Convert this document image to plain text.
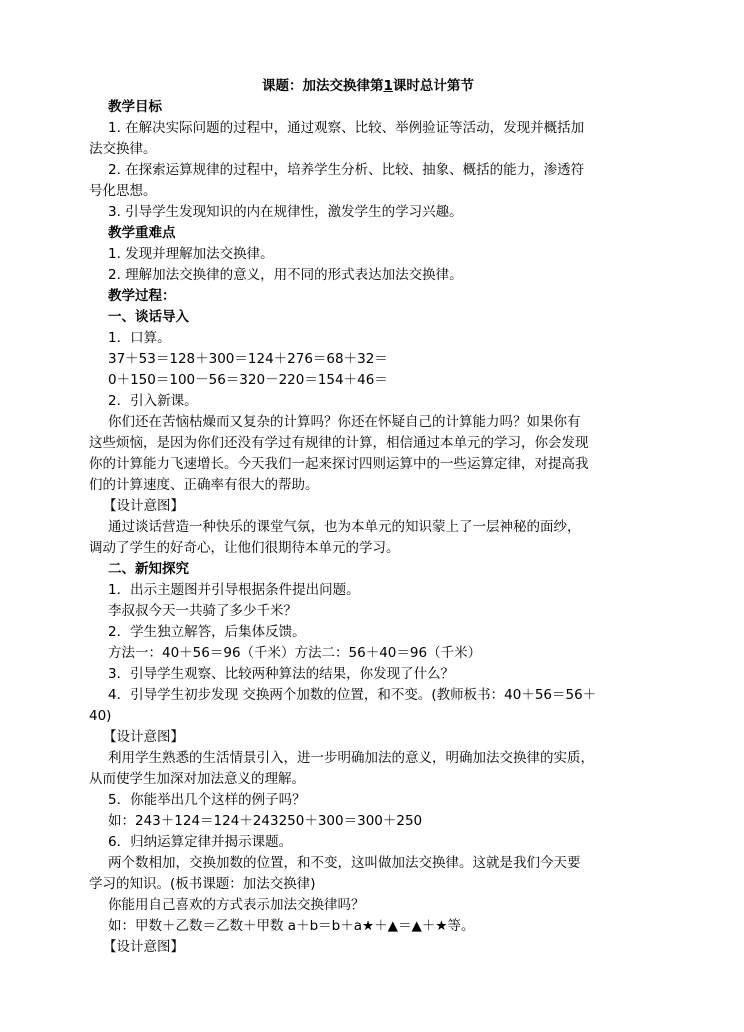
课题：加法交换律第1课时总计第节

教学目标

1. 在解决实际问题的过程中，通过观察、比较、举例验证等活动，发现并概括加

法交换律。

2. 在探索运算规律的过程中，培养学生分析、比较、抽象、概括的能力，渗透符

号化思想。

3. 引导学生发现知识的内在规律性，激发学生的学习兴趣。

教学重难点

1. 发现并理解加法交换律。

2. 理解加法交换律的意义，用不同的形式表达加法交换律。

教学过程：

一、谈话导入

1．口算。

37＋53＝128＋300＝124＋276＝68＋32＝

0＋150＝100－56＝320－220＝154＋46＝

2．引入新课。

你们还在苦恼枯燥而又复杂的计算吗？你还在怀疑自己的计算能力吗？如果你有

这些烦恼，是因为你们还没有学过有规律的计算，相信通过本单元的学习，你会发现

你的计算能力飞速增长。今天我们一起来探讨四则运算中的一些运算定律，对提高我

们的计算速度、正确率有很大的帮助。

【设计意图】

通过谈话营造一种快乐的课堂气氛，也为本单元的知识蒙上了一层神秘的面纱，

调动了学生的好奇心，让他们很期待本单元的学习。

二、新知探究

1．出示主题图并引导根据条件提出问题。

李叔叔今天一共骑了多少千米？

2．学生独立解答，后集体反馈。

方法一：40＋56＝96（千米）方法二：56＋40＝96（千米）

3．引导学生观察、比较两种算法的结果，你发现了什么？

4．引导学生初步发现 交换两个加数的位置，和不变。(教师板书：40＋56＝56＋

40)

【设计意图】

利用学生熟悉的生活情景引入，进一步明确加法的意义，明确加法交换律的实质，

从而使学生加深对加法意义的理解。

5．你能举出几个这样的例子吗？

如：243＋124＝124＋243250＋300＝300＋250

6．归纳运算定律并揭示课题。

两个数相加，交换加数的位置，和不变，这叫做加法交换律。这就是我们今天要

学习的知识。(板书课题：加法交换律)

你能用自己喜欢的方式表示加法交换律吗？

如：甲数＋乙数＝乙数＋甲数 a＋b＝b＋a★＋▲＝▲＋★等。

【设计意图】
